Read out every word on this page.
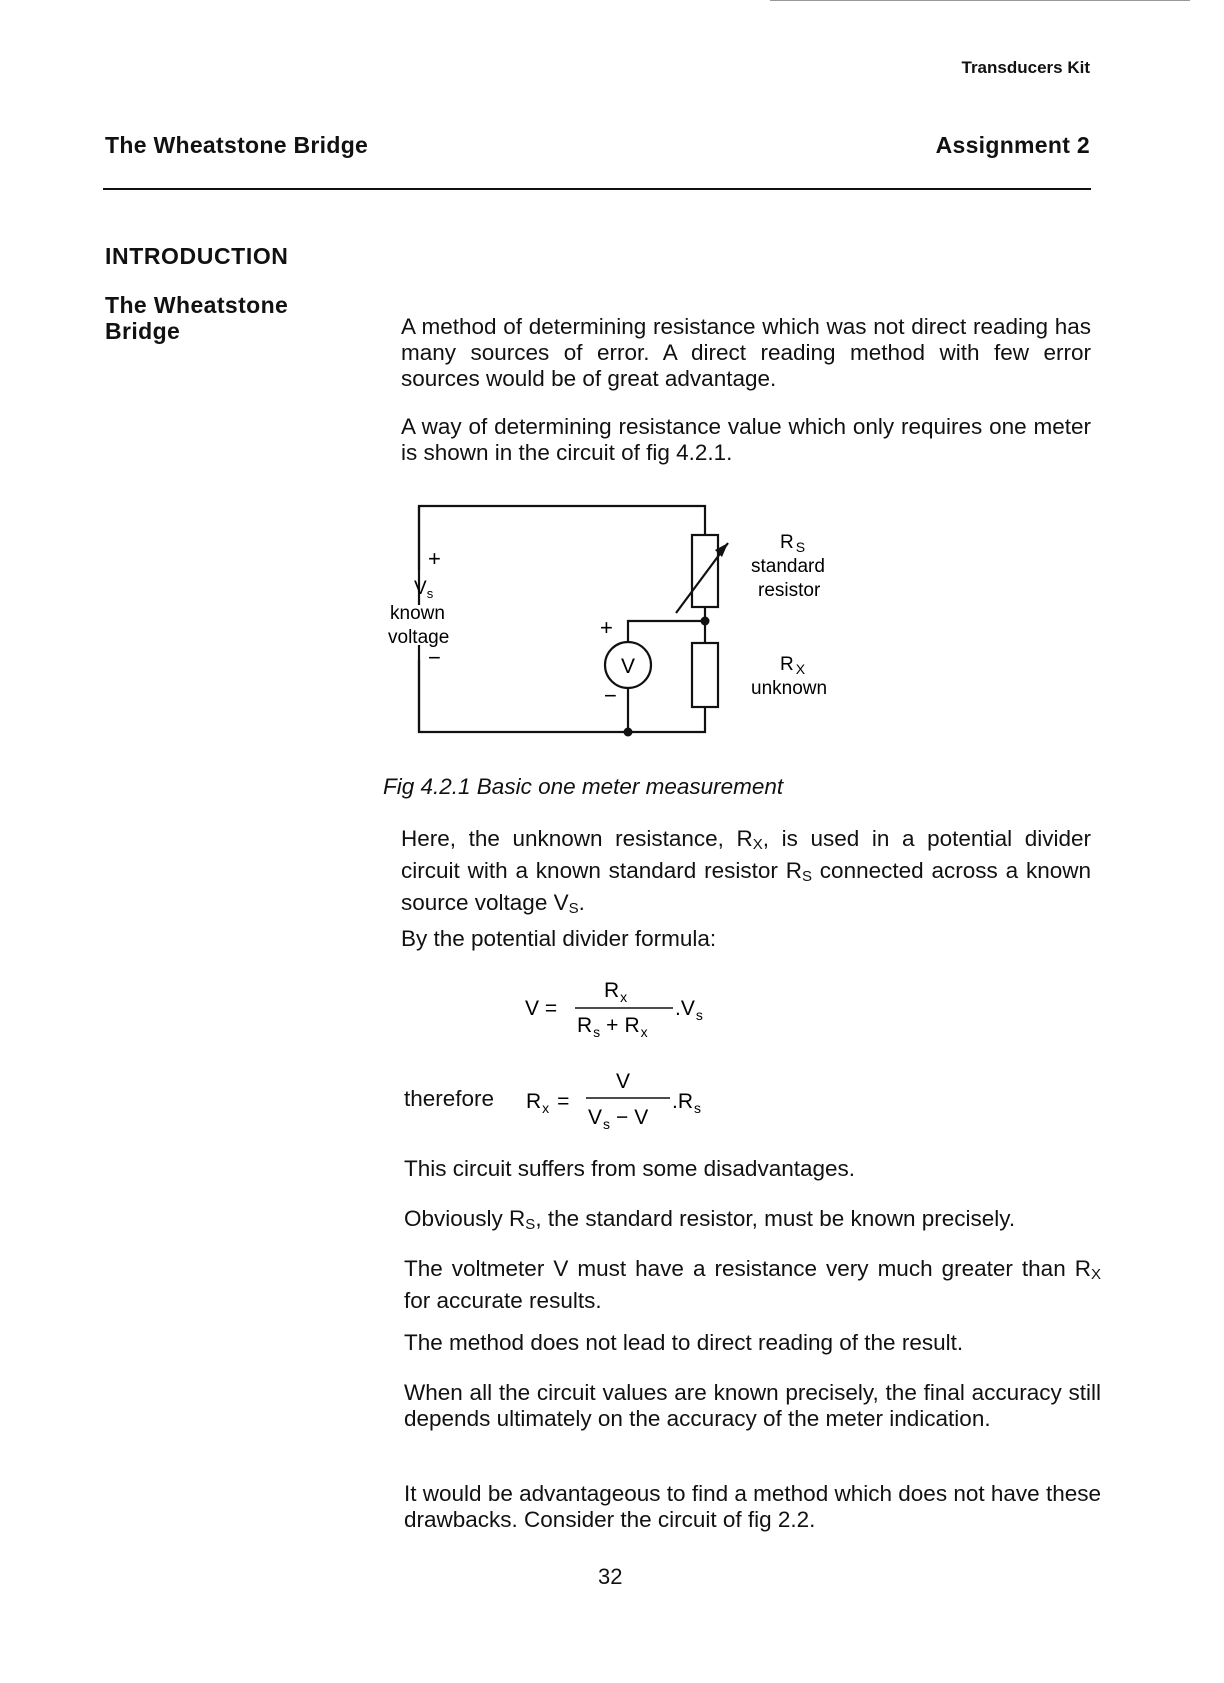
Transducers Kit
The Wheatstone Bridge	Assignment 2
INTRODUCTION
The Wheatstone
Bridge	A method of determining resistance which was not direct reading has many sources of error. A direct reading method with few error sources would be of great advantage.
A way of determining resistance value which only requires one meter is shown in the circuit of fig 4.2.1.
+
$V_s$
known
voltage
−
+
V
−
R $_S$
standard
resistor
R $_X$
unknown
Fig 4.2.1 Basic one meter measurement
Here, the unknown resistance, $R_X$, is used in a potential divider circuit with a known standard resistor $R_S$ connected across a known source voltage $V_S$.
By the potential divider formula:
V =
$R_x$
$R_s + R_x$
$.V_s$
therefore $R_x$ =
V
$V_s - V$
$.R_s$
This circuit suffers from some disadvantages.
Obviously $R_S$, the standard resistor, must be known precisely.
The voltmeter V must have a resistance very much greater than $R_X$ for accurate results.
The method does not lead to direct reading of the result.
When all the circuit values are known precisely, the final accuracy still depends ultimately on the accuracy of the meter indication.
It would be advantageous to find a method which does not have these drawbacks. Consider the circuit of fig 2.2.
32
